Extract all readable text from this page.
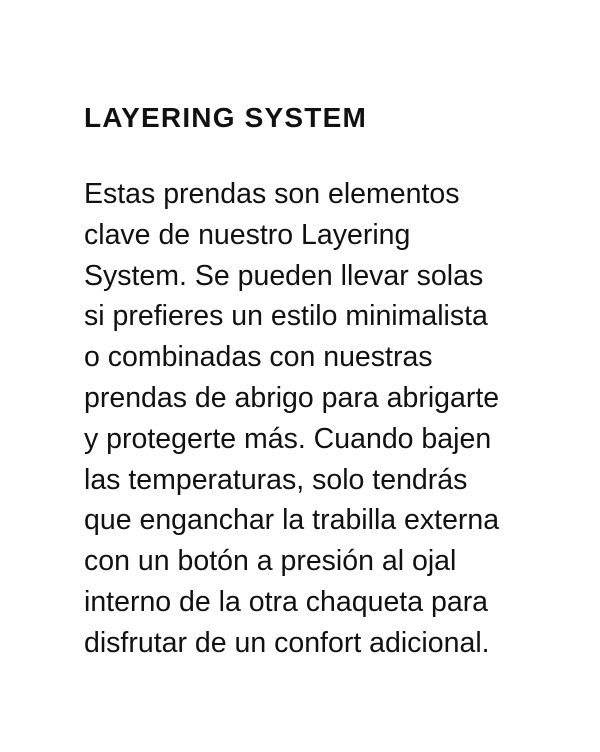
LAYERING SYSTEM

Estas prendas son elementos
clave de nuestro Layering
System. Se pueden llevar solas
si prefieres un estilo minimalista
o combinadas con nuestras
prendas de abrigo para abrigarte
y protegerte más. Cuando bajen
las temperaturas, solo tendrás
que enganchar la trabilla externa
con un botón a presión al ojal
interno de la otra chaqueta para
disfrutar de un confort adicional.
